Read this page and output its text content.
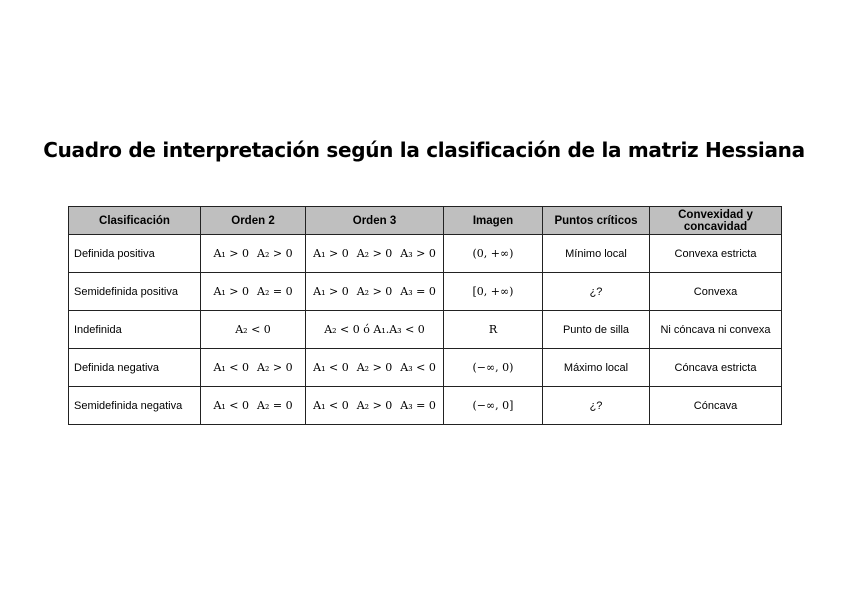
Cuadro de interpretación según la clasificación de la matriz Hessiana
Clasificación	Orden 2	Orden 3	Imagen	Puntos críticos	Convexidad y concavidad
Definida positiva	A₁ > 0 A₂ > 0	A₁ > 0 A₂ > 0 A₃ > 0	(0, +∞)	Mínimo local	Convexa estricta
Semidefinida positiva	A₁ > 0 A₂ = 0	A₁ > 0 A₂ > 0 A₃ = 0	[0, +∞)	¿?	Convexa
Indefinida	A₂ < 0	A₂ < 0 ó A₁.A₃ < 0	R	Punto de silla	Ni cóncava ni convexa
Definida negativa	A₁ < 0 A₂ > 0	A₁ < 0 A₂ > 0 A₃ < 0	(−∞, 0)	Máximo local	Cóncava estricta
Semidefinida negativa	A₁ < 0 A₂ = 0	A₁ < 0 A₂ > 0 A₃ = 0	(−∞, 0]	¿?	Cóncava
